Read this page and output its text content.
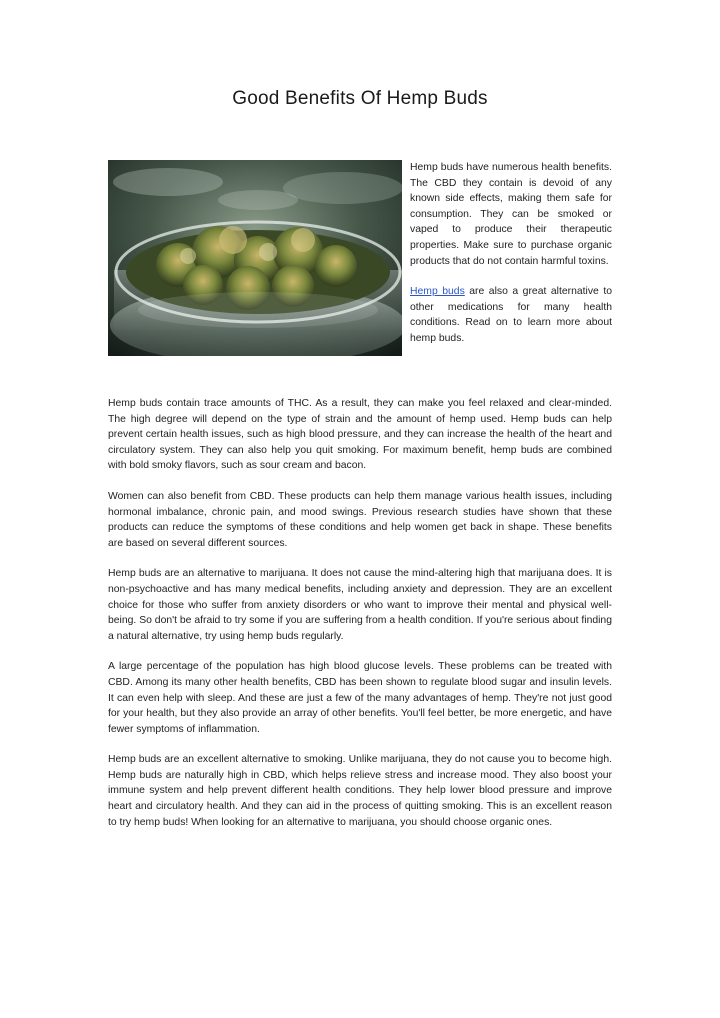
Good Benefits Of Hemp Buds

Hemp buds have numerous health benefits. The CBD they contain is devoid of any known side effects, making them safe for consumption. They can be smoked or vaped to produce their therapeutic properties. Make sure to purchase organic products that do not contain harmful toxins.

Hemp buds are also a great alternative to other medications for many health conditions. Read on to learn more about hemp buds.

Hemp buds contain trace amounts of THC. As a result, they can make you feel relaxed and clear-minded. The high degree will depend on the type of strain and the amount of hemp used. Hemp buds can help prevent certain health issues, such as high blood pressure, and they can increase the health of the heart and circulatory system. They can also help you quit smoking. For maximum benefit, hemp buds are combined with bold smoky flavors, such as sour cream and bacon.

Women can also benefit from CBD. These products can help them manage various health issues, including hormonal imbalance, chronic pain, and mood swings. Previous research studies have shown that these products can reduce the symptoms of these conditions and help women get back in shape. These benefits are based on several different sources.

Hemp buds are an alternative to marijuana. It does not cause the mind-altering high that marijuana does. It is non-psychoactive and has many medical benefits, including anxiety and depression. They are an excellent choice for those who suffer from anxiety disorders or who want to improve their mental and physical well-being. So don't be afraid to try some if you are suffering from a health condition. If you're serious about finding a natural alternative, try using hemp buds regularly.

A large percentage of the population has high blood glucose levels. These problems can be treated with CBD. Among its many other health benefits, CBD has been shown to regulate blood sugar and insulin levels. It can even help with sleep. And these are just a few of the many advantages of hemp. They're not just good for your health, but they also provide an array of other benefits. You'll feel better, be more energetic, and have fewer symptoms of inflammation.

Hemp buds are an excellent alternative to smoking. Unlike marijuana, they do not cause you to become high. Hemp buds are naturally high in CBD, which helps relieve stress and increase mood. They also boost your immune system and help prevent different health conditions. They help lower blood pressure and improve heart and circulatory health. And they can aid in the process of quitting smoking. This is an excellent reason to try hemp buds! When looking for an alternative to marijuana, you should choose organic ones.
